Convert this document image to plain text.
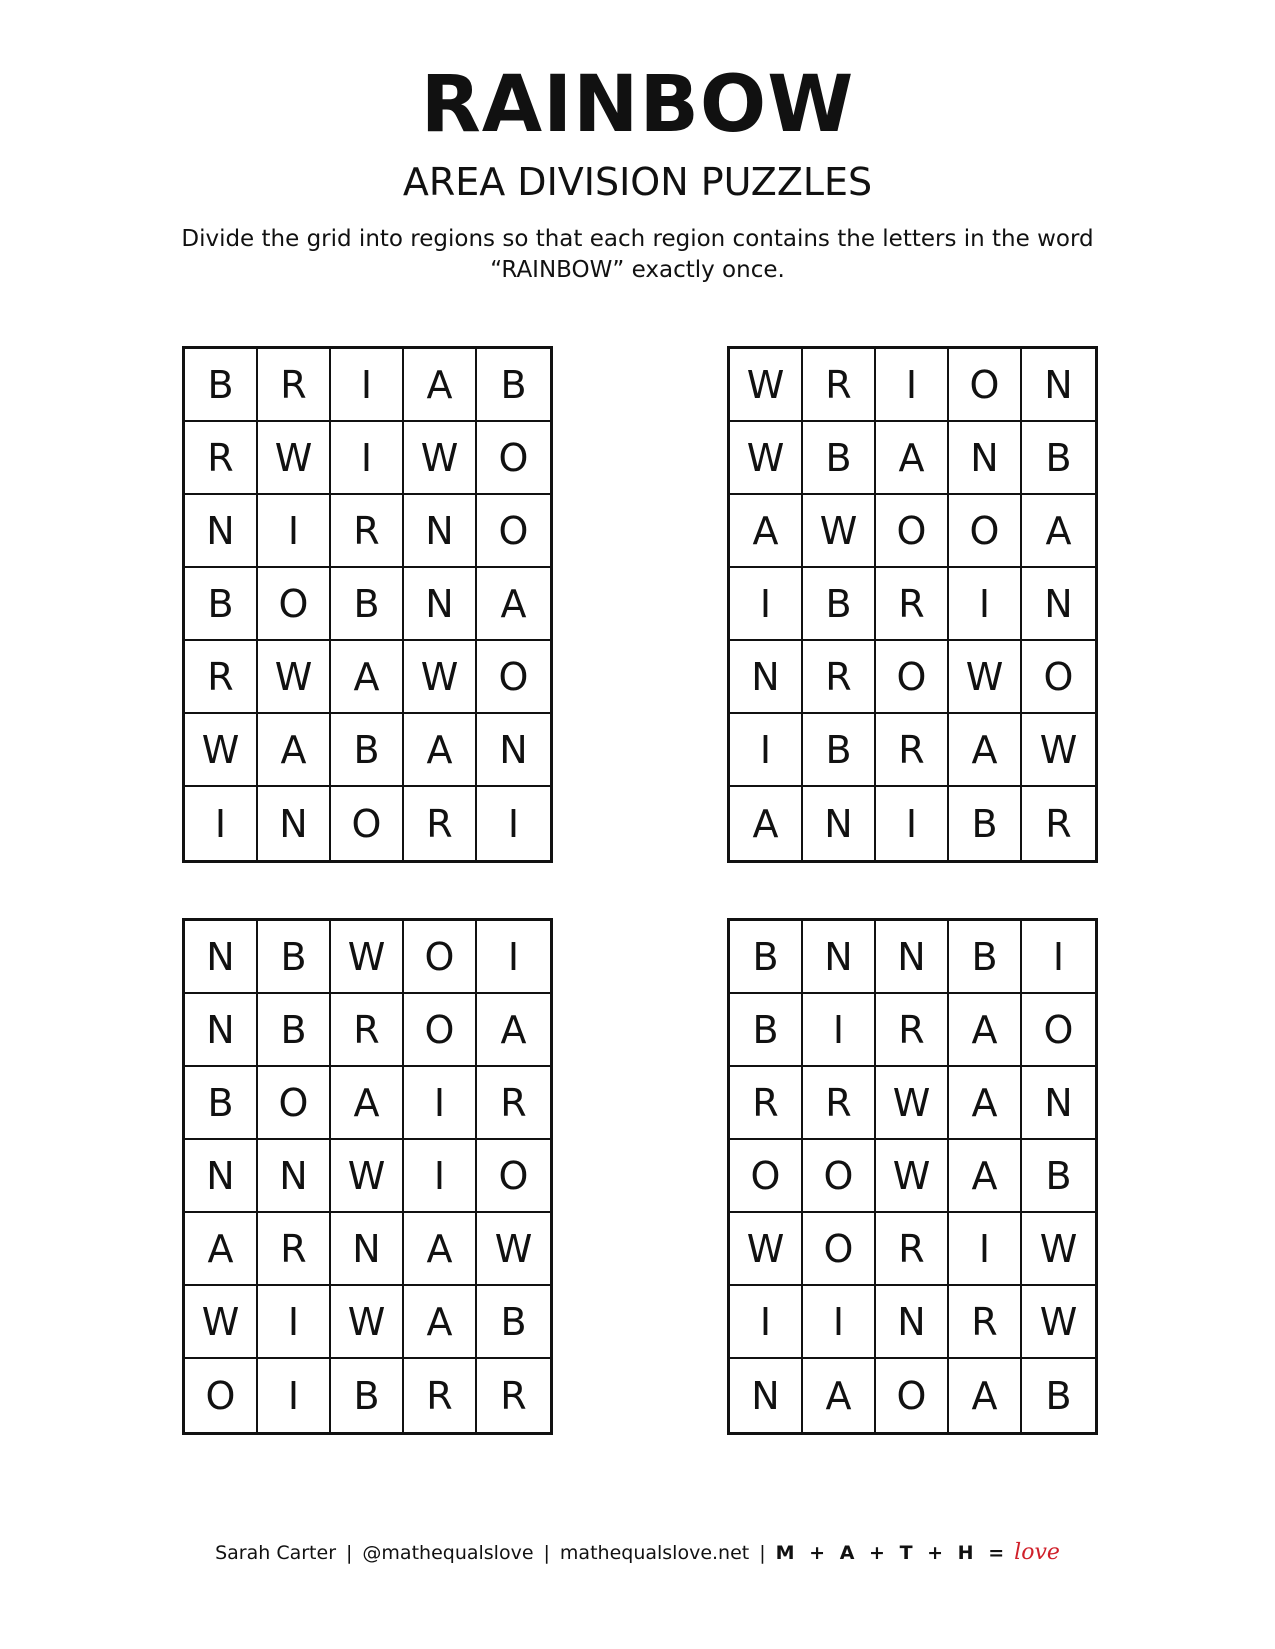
RAINBOW
AREA DIVISION PUZZLES
Divide the grid into regions so that each region contains the letters in the word “RAINBOW” exactly once.
B	R	I	A	B
R	W	I	W	O
N	I	R	N	O
B	O	B	N	A
R	W	A	W	O
W	A	B	A	N
I	N	O	R	I
W	R	I	O	N
W	B	A	N	B
A	W	O	O	A
I	B	R	I	N
N	R	O	W	O
I	B	R	A	W
A	N	I	B	R
N	B	W	O	I
N	B	R	O	A
B	O	A	I	R
N	N	W	I	O
A	R	N	A	W
W	I	W	A	B
O	I	B	R	R
B	N	N	B	I
B	I	R	A	O
R	R	W	A	N
O	O	W	A	B
W	O	R	I	W
I	I	N	R	W
N	A	O	A	B
Sarah Carter | @mathequalslove | mathequalslove.net | M + A + T + H = love
